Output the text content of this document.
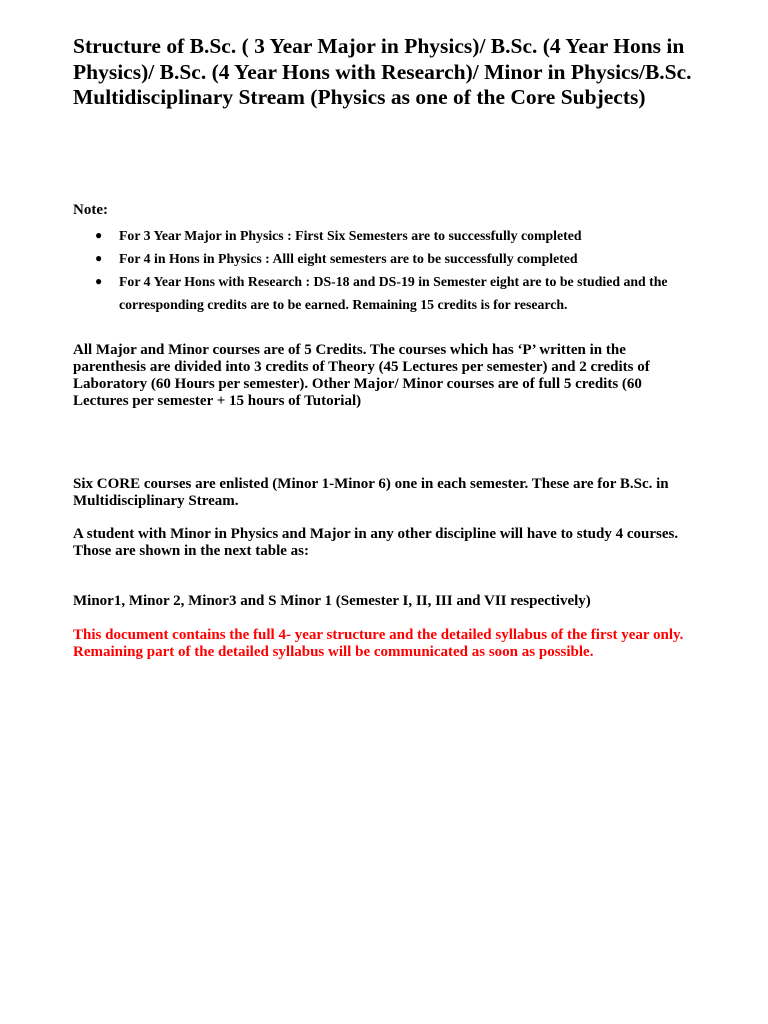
Structure of B.Sc. ( 3 Year Major in Physics)/ B.Sc. (4 Year Hons in Physics)/ B.Sc. (4 Year Hons with Research)/ Minor in Physics/B.Sc. Multidisciplinary Stream (Physics as one of the Core Subjects)

Note:

● For 3 Year Major in Physics : First Six Semesters are to successfully completed
● For 4 in Hons in Physics : Alll eight semesters are to be successfully completed
● For 4 Year Hons with Research : DS-18 and DS-19 in Semester eight are to be studied and the corresponding credits are to be earned. Remaining 15 credits is for research.

All Major and Minor courses are of 5 Credits. The courses which has ‘P’ written in the parenthesis are divided into 3 credits of Theory (45 Lectures per semester) and 2 credits of Laboratory (60 Hours per semester). Other Major/ Minor courses are of full 5 credits (60 Lectures per semester + 15 hours of Tutorial)

Six CORE courses are enlisted (Minor 1-Minor 6) one in each semester. These are for B.Sc. in Multidisciplinary Stream.

A student with Minor in Physics and Major in any other discipline will have to study 4 courses.
Those are shown in the next table as:

Minor1, Minor 2, Minor3 and S Minor 1 (Semester I, II, III and VII respectively)

This document contains the full 4- year structure and the detailed syllabus of the first year only. Remaining part of the detailed syllabus will be communicated as soon as possible.
